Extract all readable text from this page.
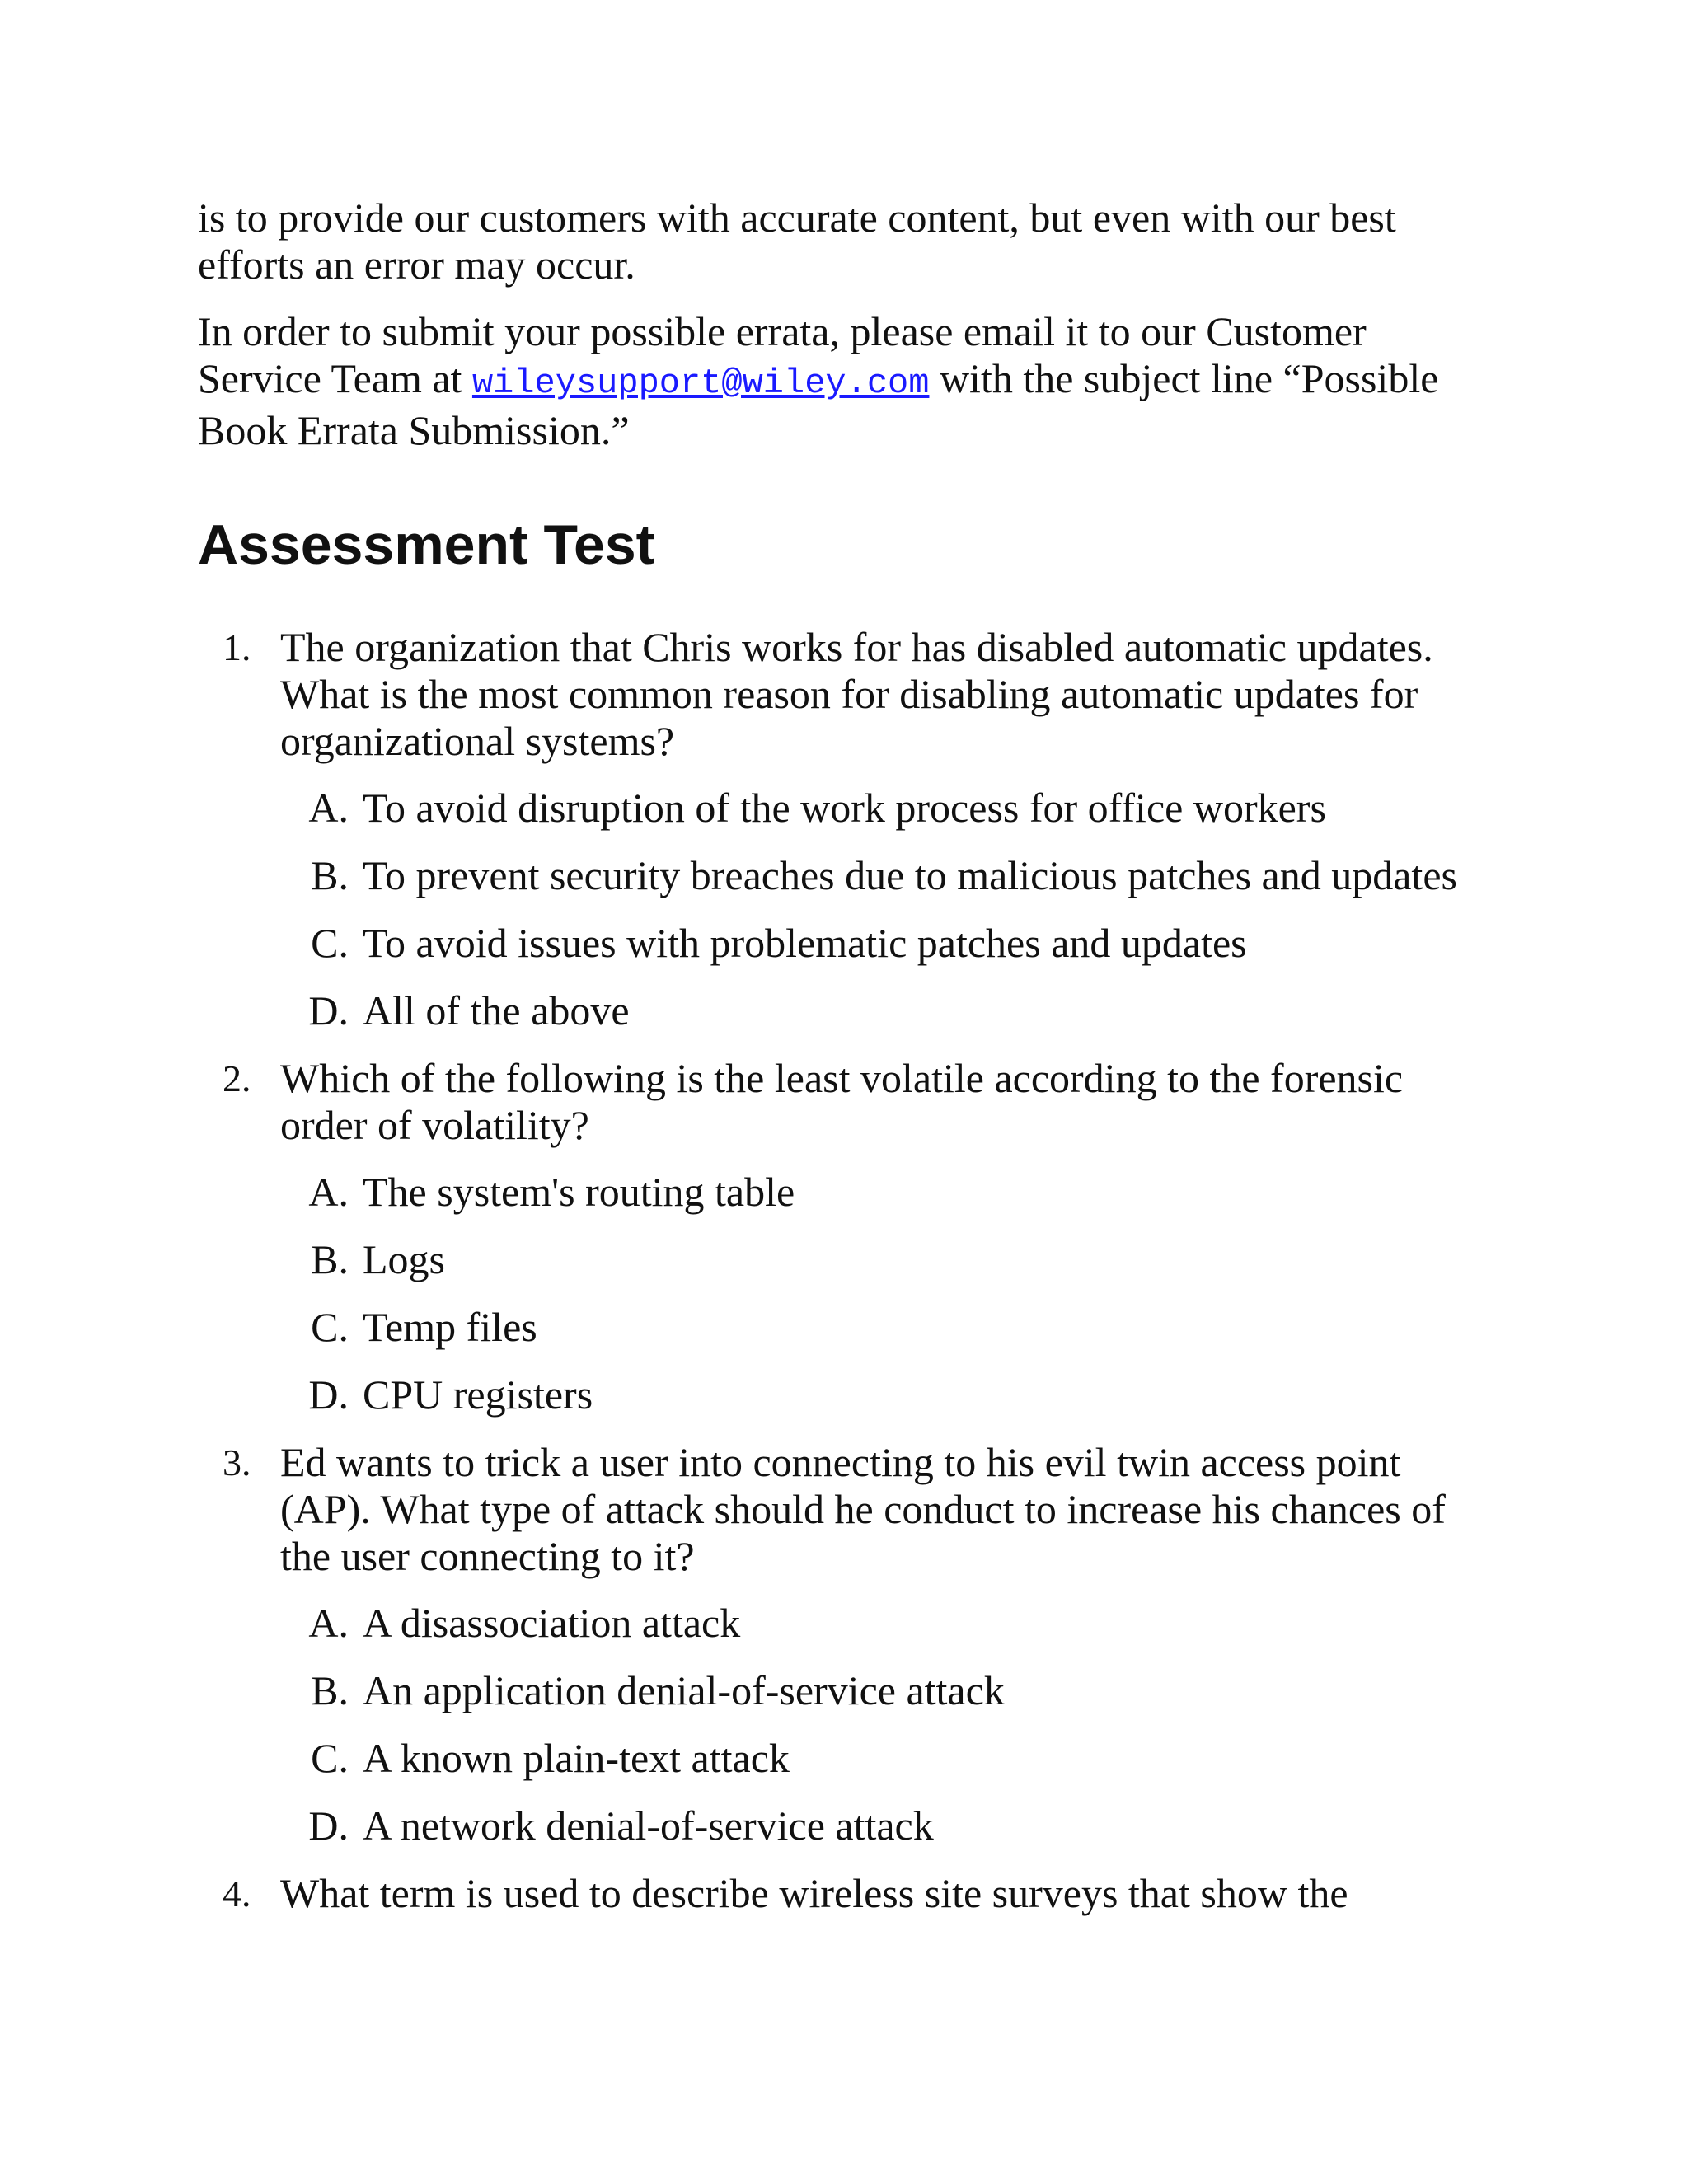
is to provide our customers with accurate content, but even with our best efforts an error may occur.

In order to submit your possible errata, please email it to our Customer Service Team at wileysupport@wiley.com with the subject line “Possible Book Errata Submission.”

Assessment Test
1. The organization that Chris works for has disabled automatic updates. What is the most common reason for disabling automatic updates for organizational systems?
A. To avoid disruption of the work process for office workers
B. To prevent security breaches due to malicious patches and updates
C. To avoid issues with problematic patches and updates
D. All of the above
2. Which of the following is the least volatile according to the forensic order of volatility?
A. The system's routing table
B. Logs
C. Temp files
D. CPU registers
3. Ed wants to trick a user into connecting to his evil twin access point (AP). What type of attack should he conduct to increase his chances of the user connecting to it?
A. A disassociation attack
B. An application denial-of-service attack
C. A known plain-text attack
D. A network denial-of-service attack
4. What term is used to describe wireless site surveys that show the
